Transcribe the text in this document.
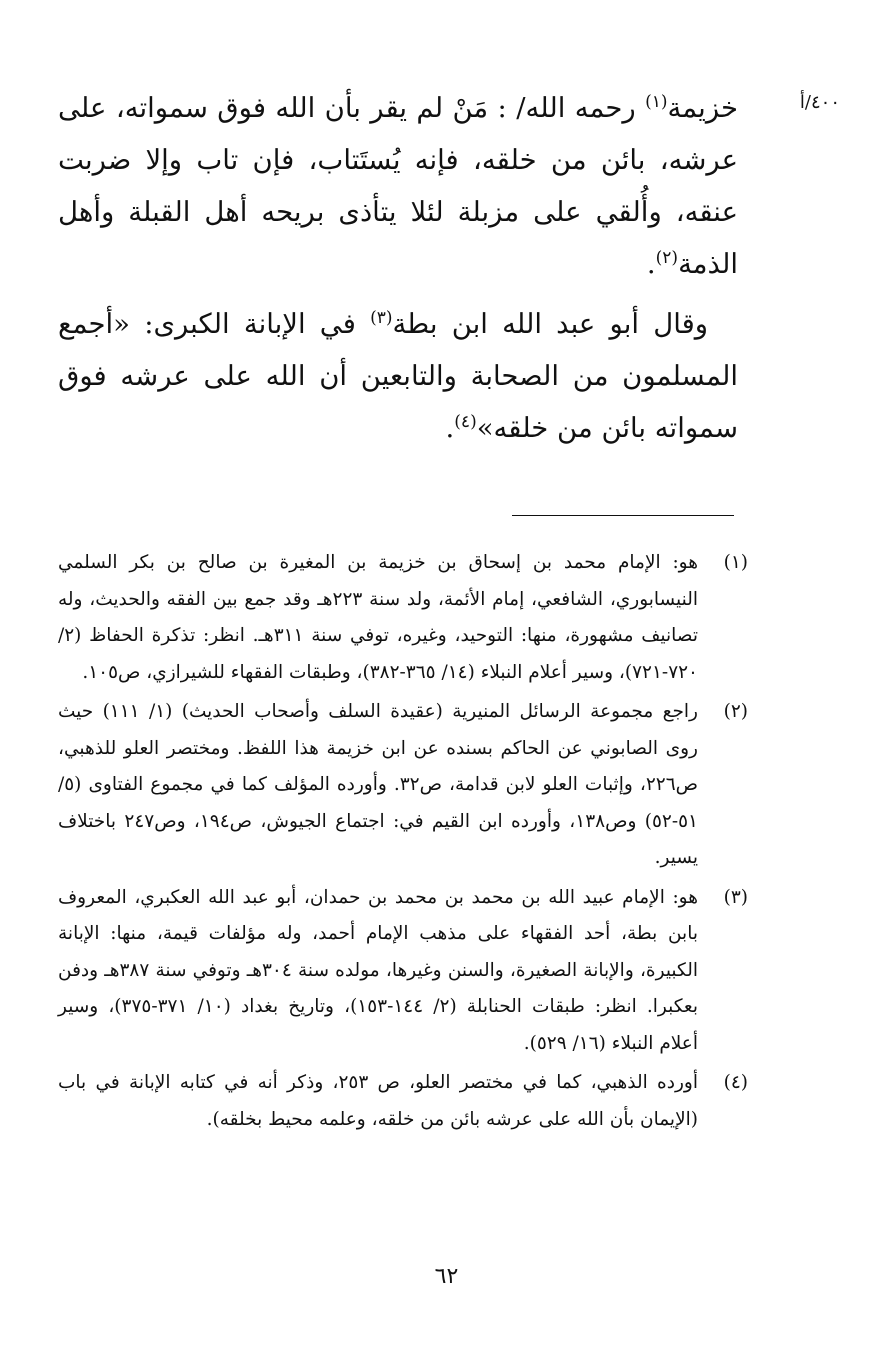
٤٠٠/أ

خزيمة$^{(١)}$ رحمه الله/ : مَنْ لم يقر بأن الله فوق سمواته، على عرشه، بائن من خلقه، فإنه يُستَتاب، فإن تاب وإلا ضربت عنقه، وأُلقي على مزبلة لئلا يتأذى بريحه أهل القبلة وأهل الذمة$^{(٢)}$.

وقال أبو عبد الله ابن بطة$^{(٣)}$ في الإبانة الكبرى: «أجمع المسلمون من الصحابة والتابعين أن الله على عرشه فوق سمواته بائن من خلقه»$^{(٤)}$.

(١)
هو: الإمام محمد بن إسحاق بن خزيمة بن المغيرة بن صالح بن بكر السلمي النيسابوري، الشافعي، إمام الأئمة، ولد سنة ٢٢٣هـ وقد جمع بين الفقه والحديث، وله تصانيف مشهورة، منها: التوحيد، وغيره، توفي سنة ٣١١هـ. انظر: تذكرة الحفاظ (٢/ ٧٢٠-٧٢١)، وسير أعلام النبلاء (١٤/ ٣٦٥-٣٨٢)، وطبقات الفقهاء للشيرازي، ص١٠٥.
(٢)
راجع مجموعة الرسائل المنيرية (عقيدة السلف وأصحاب الحديث) (١/ ١١١) حيث روى الصابوني عن الحاكم بسنده عن ابن خزيمة هذا اللفظ. ومختصر العلو للذهبي، ص٢٢٦، وإثبات العلو لابن قدامة، ص٣٢. وأورده المؤلف كما في مجموع الفتاوى (٥/ ٥١-٥٢) وص١٣٨، وأورده ابن القيم في: اجتماع الجيوش، ص١٩٤، وص٢٤٧ باختلاف يسير.
(٣)
هو: الإمام عبيد الله بن محمد بن محمد بن حمدان، أبو عبد الله العكبري، المعروف بابن بطة، أحد الفقهاء على مذهب الإمام أحمد، وله مؤلفات قيمة، منها: الإبانة الكبيرة، والإبانة الصغيرة، والسنن وغيرها، مولده سنة ٣٠٤هـ وتوفي سنة ٣٨٧هـ ودفن بعكبرا. انظر: طبقات الحنابلة (٢/ ١٤٤-١٥٣)، وتاريخ بغداد (١٠/ ٣٧١-٣٧٥)، وسير أعلام النبلاء (١٦/ ٥٢٩).
(٤)
أورده الذهبي، كما في مختصر العلو، ص ٢٥٣، وذكر أنه في كتابه الإبانة في باب (الإيمان بأن الله على عرشه بائن من خلقه، وعلمه محيط بخلقه).
٦٢
